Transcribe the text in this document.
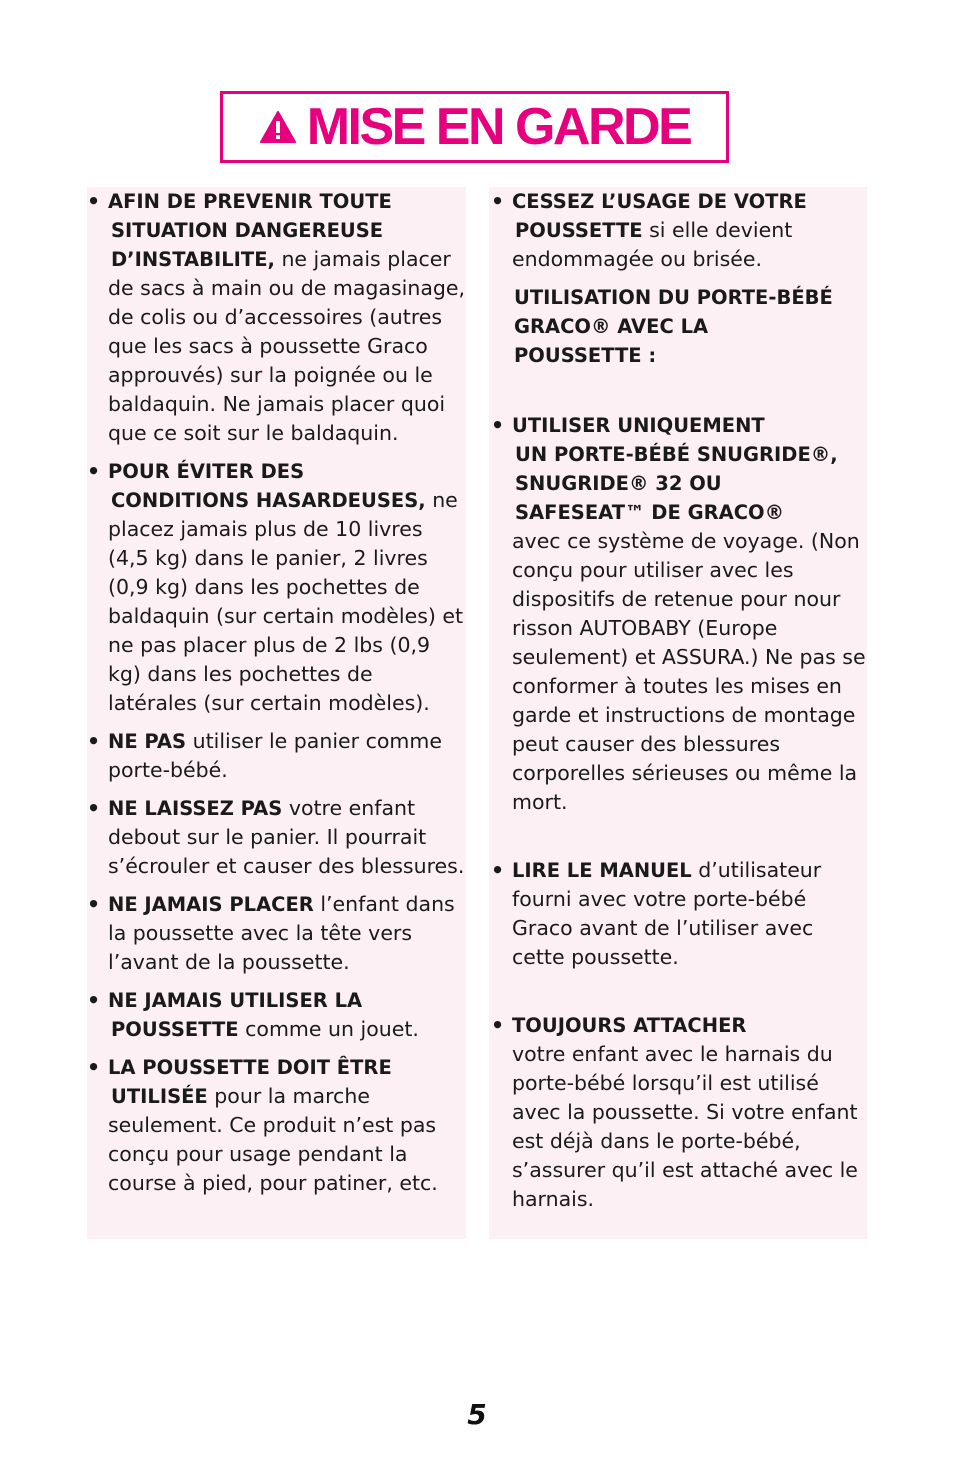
MISE EN GARDE
• AFIN DE PREVENIR TOUTE
SITUATION DANGEREUSE
D’INSTABILITE, ne jamais placer de sacs à main ou de magasinage, de colis ou d’accessoires (autres que les sacs à poussette Graco approuvés) sur la poignée ou le baldaquin. Ne jamais placer quoi que ce soit sur le baldaquin.
• POUR ÉVITER DES
CONDITIONS HASARDEUSES, ne placez jamais plus de 10 livres (4,5 kg) dans le panier, 2 livres (0,9 kg) dans les pochettes de baldaquin (sur certain modèles) et ne pas placer plus de 2 lbs (0,9 kg) dans les pochettes de latérales (sur certain modèles).
• NE PAS utiliser le panier comme porte-bébé.
• NE LAISSEZ PAS votre enfant debout sur le panier. Il pourrait s’écrouler et causer des blessures.
• NE JAMAIS PLACER l’enfant dans la poussette avec la tête vers l’avant de la poussette.
• NE JAMAIS UTILISER LA
POUSSETTE comme un jouet.
• LA POUSSETTE DOIT ÊTRE
UTILISÉE pour la marche seulement. Ce produit n’est pas conçu pour usage pendant la course à pied, pour patiner, etc.
• CESSEZ L’USAGE DE VOTRE
POUSSETTE si elle devient endommagée ou brisée.
UTILISATION DU PORTE-BÉBÉ
GRACO® AVEC LA
POUSSETTE :
• UTILISER UNIQUEMENT
UN PORTE-BÉBÉ SNUGRIDE®,
SNUGRIDE® 32 OU
SAFESEAT™ DE GRACO®
avec ce système de voyage. (Non conçu pour utiliser avec les dispositifs de retenue pour nour risson AUTOBABY (Europe seulement) et ASSURA.) Ne pas se conformer à toutes les mises en garde et instructions de montage peut causer des blessures corporelles sérieuses ou même la mort.
• LIRE LE MANUEL d’utilisateur fourni avec votre porte-bébé Graco avant de l’utiliser avec cette poussette.
• TOUJOURS ATTACHER
votre enfant avec le harnais du porte-bébé lorsqu’il est utilisé avec la poussette. Si votre enfant est déjà dans le porte-bébé, s’assurer qu’il est attaché avec le harnais.
5
